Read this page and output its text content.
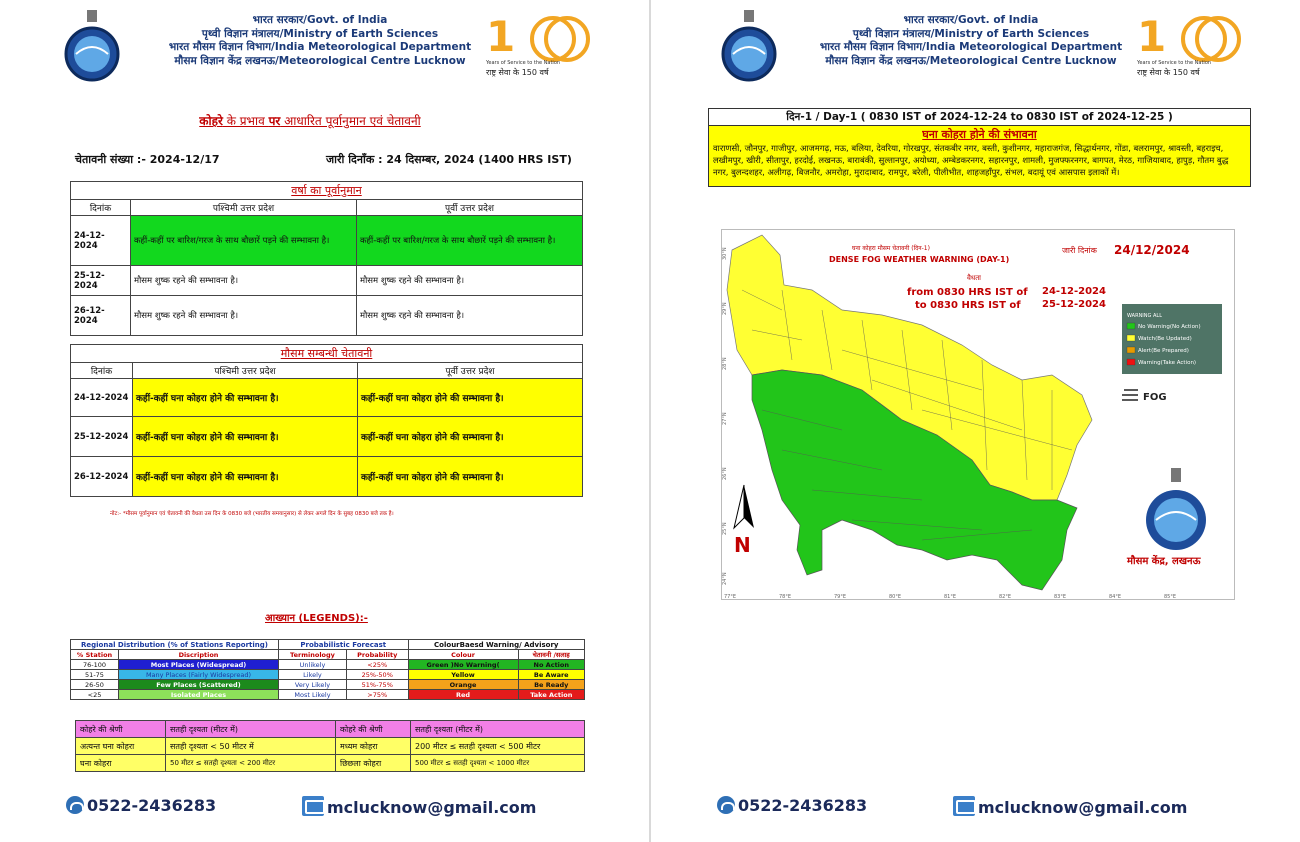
भारत सरकार/Govt. of India
पृथ्वी विज्ञान मंत्रालय/Ministry of Earth Sciences
भारत मौसम विज्ञान विभाग/India Meteorological Department
मौसम विज्ञान केंद्र लखनऊ/Meteorological Centre Lucknow 1
Years of Service to the Nation
राष्ट्र सेवा के 150 वर्ष
कोहरे के प्रभाव पर आधारित पूर्वानुमान एवं चेतावनी
चेतावनी संख्या :- 2024-12/17	जारी दिनाँक : 24 दिसम्बर, 2024 (1400 HRS IST)
वर्षा का पूर्वानुमान		
दिनांक	पश्चिमी उत्तर प्रदेश	पूर्वी उत्तर प्रदेश
24-12-2024	कहीं-कहीं पर बारिश/गरज के साथ बौछारें पड़ने की सम्भावना है।	कहीं-कहीं पर बारिश/गरज के साथ बौछारें पड़ने की सम्भावना है।
25-12-2024	मौसम शुष्क रहने की सम्भावना है।	मौसम शुष्क रहने की सम्भावना है।
26-12-2024	मौसम शुष्क रहने की सम्भावना है।	मौसम शुष्क रहने की सम्भावना है।
मौसम सम्बन्धी चेतावनी		
दिनांक	पश्चिमी उत्तर प्रदेश	पूर्वी उत्तर प्रदेश
24-12-2024	कहीं-कहीं घना कोहरा होने की सम्भावना है।	कहीं-कहीं घना कोहरा होने की सम्भावना है।
25-12-2024	कहीं-कहीं घना कोहरा होने की सम्भावना है।	कहीं-कहीं घना कोहरा होने की सम्भावना है।
26-12-2024	कहीं-कहीं घना कोहरा होने की सम्भावना है।	कहीं-कहीं घना कोहरा होने की सम्भावना है।
नोट:- *मौसम पूर्वानुमान एवं चेतावनी की वैधता उस दिन के 0830 बजे (भारतीय समयानुसार) से लेकर अगले दिन के सुबह 0830 बजे तक है।
आख्यान (LEGENDS):-
Regional Distribution (% of Stations Reporting)		Probabilistic Forecast		ColourBaesd Warning/ Advisory	
% Station	Discription	Terminology	Probability	Colour	चेतावनी /सलाह
76-100	Most Places (Widespread)	Unlikely	<25%	Green )No Warning(	No Action
51-75	Many Places (Fairly Widespread)	Likely	25%-50%	Yellow	Be Aware
26-50	Few Places (Scattered)	Very Likely	51%-75%	Orange	Be Ready
<25	Isolated Places	Most Likely	>75%	Red	Take Action
कोहरे की श्रेणी	सतही दृश्यता (मीटर में)	कोहरे की श्रेणी	सतही दृश्यता (मीटर में)
अत्यन्त घना कोहरा	सतही दृश्यता < 50 मीटर में	मध्यम कोहरा	200 मीटर ≤ सतही दृश्यता < 500 मीटर
घना कोहरा	50 मीटर ≤ सतही दृश्यता < 200 मीटर	छिछला कोहरा	500 मीटर ≤ सतही दृश्यता < 1000 मीटर
0522-2436283	mclucknow@gmail.com
भारत सरकार/Govt. of India
पृथ्वी विज्ञान मंत्रालय/Ministry of Earth Sciences
भारत मौसम विज्ञान विभाग/India Meteorological Department
मौसम विज्ञान केंद्र लखनऊ/Meteorological Centre Lucknow 1
Years of Service to the Nation
राष्ट्र सेवा के 150 वर्ष
दिन-1 / Day-1 ( 0830 IST of 2024-12-24 to 0830 IST of 2024-12-25 )
घना कोहरा होने की संभावना
वाराणसी, जौनपुर, गाजीपुर, आजमगढ़, मऊ, बलिया, देवरिया, गोरखपुर, संतकबीर नगर, बस्ती, कुशीनगर, महाराजगंज, सिद्धार्थनगर, गोंडा, बलरामपुर, श्रावस्ती, बहराइच, लखीमपुर, खीरी, सीतापुर, हरदोई, लखनऊ, बाराबंकी, सुल्तानपुर, अयोध्या, अम्बेडकरनगर, सहारनपुर, शामली, मुजफ्फरनगर, बागपत, मेरठ, गाजियाबाद, हापुड़, गौतम बुद्ध नगर, बुलन्दशहर, अलीगढ़, बिजनौर, अमरोहा, मुरादाबाद, रामपुर, बरेली, पीलीभीत, शाहजहाँपुर, संभल, बदायूं एवं आसपास इलाकों में।
77°E	78°E	79°E	80°E	81°E	82°E	83°E	84°E	85°E
30°N
29°N
28°N
27°N
26°N
25°N
24°N
घना कोहरा मौसम चेतावनी (दिन-1)
DENSE FOG WEATHER WARNING (DAY-1)
जारी दिनांक 24/12/2024
वैधता
from 0830 HRS IST of 24-12-2024
to 0830 HRS IST of 25-12-2024
WARNING ALL
No Warning(No Action)
Watch(Be Updated)
Alert(Be Prepared)
Warning(Take Action)
FOG
N
मौसम केंद्र, लखनऊ
0522-2436283	mclucknow@gmail.com
